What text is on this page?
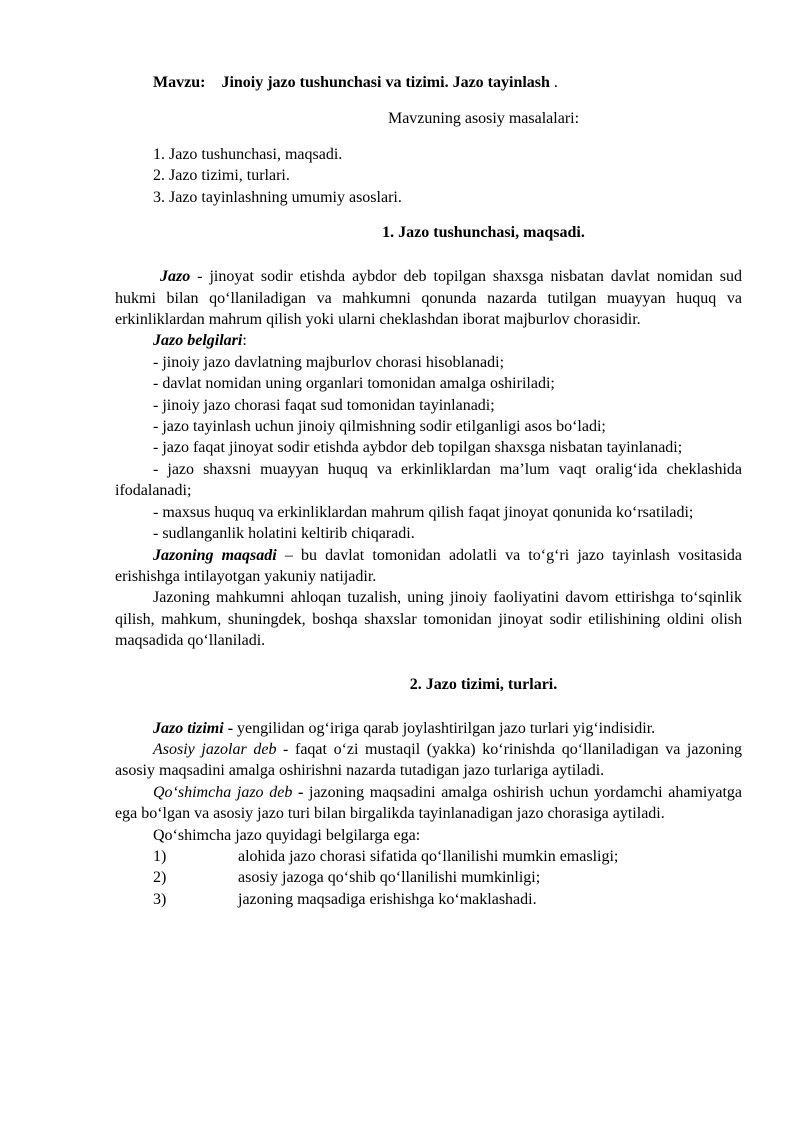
Mavzu: Jinoiy jazo tushunchasi va tizimi. Jazo tayinlash .
Mavzuning asosiy masalalari:
1. Jazo tushunchasi, maqsadi.
2. Jazo tizimi, turlari.
3. Jazo tayinlashning umumiy asoslari.
1. Jazo tushunchasi, maqsadi.

Jazo - jinoyat sodir etishda aybdor deb topilgan shaxsga nisbatan davlat nomidan sud hukmi bilan qo‘llaniladigan va mahkumni qonunda nazarda tutilgan muayyan huquq va erkinliklardan mahrum qilish yoki ularni cheklashdan iborat majburlov chorasidir.

Jazo belgilari:

- jinoiy jazo davlatning majburlov chorasi hisoblanadi;

- davlat nomidan uning organlari tomonidan amalga oshiriladi;

- jinoiy jazo chorasi faqat sud tomonidan tayinlanadi;

- jazo tayinlash uchun jinoiy qilmishning sodir etilganligi asos bo‘ladi;

- jazo faqat jinoyat sodir etishda aybdor deb topilgan shaxsga nisbatan tayinlanadi;

- jazo shaxsni muayyan huquq va erkinliklardan ma’lum vaqt oralig‘ida cheklashida ifodalanadi;

- maxsus huquq va erkinliklardan mahrum qilish faqat jinoyat qonunida ko‘rsatiladi;

- sudlanganlik holatini keltirib chiqaradi.

Jazoning maqsadi – bu davlat tomonidan adolatli va to‘g‘ri jazo tayinlash vositasida erishishga intilayotgan yakuniy natijadir.

Jazoning mahkumni ahloqan tuzalish, uning jinoiy faoliyatini davom ettirishga to‘sqinlik qilish, mahkum, shuningdek, boshqa shaxslar tomonidan jinoyat sodir etilishining oldini olish maqsadida qo‘llaniladi.

2. Jazo tizimi, turlari.

Jazo tizimi - yengilidan og‘iriga qarab joylashtirilgan jazo turlari yig‘indisidir.

Asosiy jazolar deb - faqat o‘zi mustaqil (yakka) ko‘rinishda qo‘llaniladigan va jazoning asosiy maqsadini amalga oshirishni nazarda tutadigan jazo turlariga aytiladi.

Qo‘shimcha jazo deb - jazoning maqsadini amalga oshirish uchun yordamchi ahamiyatga ega bo‘lgan va asosiy jazo turi bilan birgalikda tayinlanadigan jazo chorasiga aytiladi.

Qo‘shimcha jazo quyidagi belgilarga ega:

1)	alohida jazo chorasi sifatida qo‘llanilishi mumkin emasligi;
2)	asosiy jazoga qo‘shib qo‘llanilishi mumkinligi;
3)	jazoning maqsadiga erishishga ko‘maklashadi.
